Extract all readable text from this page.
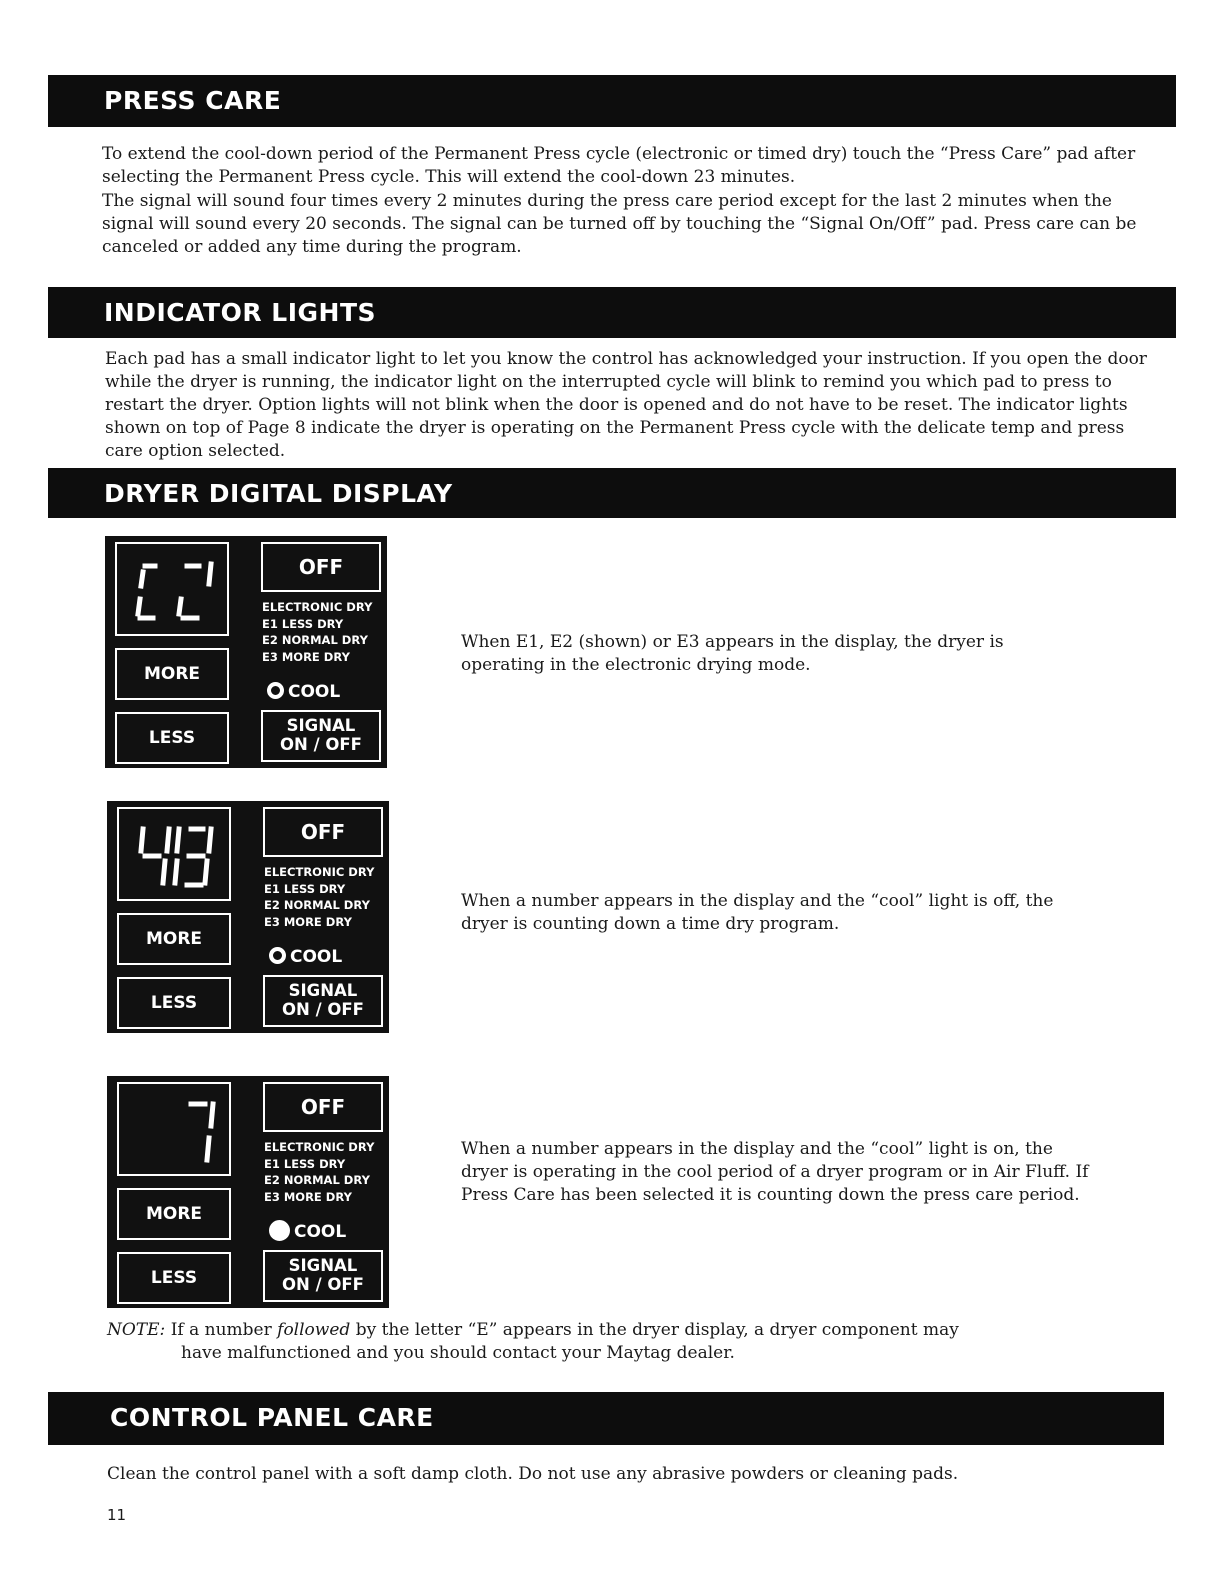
PRESS CARE

To extend the cool-down period of the Permanent Press cycle (electronic or timed dry) touch the “Press Care” pad after selecting the Permanent Press cycle. This will extend the cool-down 23 minutes.

The signal will sound four times every 2 minutes during the press care period except for the last 2 minutes when the signal will sound every 20 seconds. The signal can be turned off by touching the “Signal On/Off” pad. Press care can be canceled or added any time during the program.

INDICATOR LIGHTS

Each pad has a small indicator light to let you know the control has acknowledged your instruction. If you open the door while the dryer is running, the indicator light on the interrupted cycle will blink to remind you which pad to press to restart the dryer. Option lights will not blink when the door is opened and do not have to be reset. The indicator lights shown on top of Page 8 indicate the dryer is operating on the Permanent Press cycle with the delicate temp and press care option selected.

DRYER DIGITAL DISPLAY
MORE
LESS
OFF
ELECTRONIC DRY
E1 LESS DRY
E2 NORMAL DRY
E3 MORE DRY
COOL
SIGNAL
ON / OFF

When E1, E2 (shown) or E3 appears in the display, the dryer is operating in the electronic drying mode.

MORE
LESS
OFF
ELECTRONIC DRY
E1 LESS DRY
E2 NORMAL DRY
E3 MORE DRY
COOL
SIGNAL
ON / OFF

When a number appears in the display and the “cool” light is off, the dryer is counting down a time dry program.

MORE
LESS
OFF
ELECTRONIC DRY
E1 LESS DRY
E2 NORMAL DRY
E3 MORE DRY
COOL
SIGNAL
ON / OFF

When a number appears in the display and the “cool” light is on, the dryer is operating in the cool period of a dryer program or in Air Fluff. If Press Care has been selected it is counting down the press care period.

NOTE: If a number followed by the letter “E” appears in the dryer display, a dryer component may
have malfunctioned and you should contact your Maytag dealer.
CONTROL PANEL CARE

Clean the control panel with a soft damp cloth. Do not use any abrasive powders or cleaning pads.

11
